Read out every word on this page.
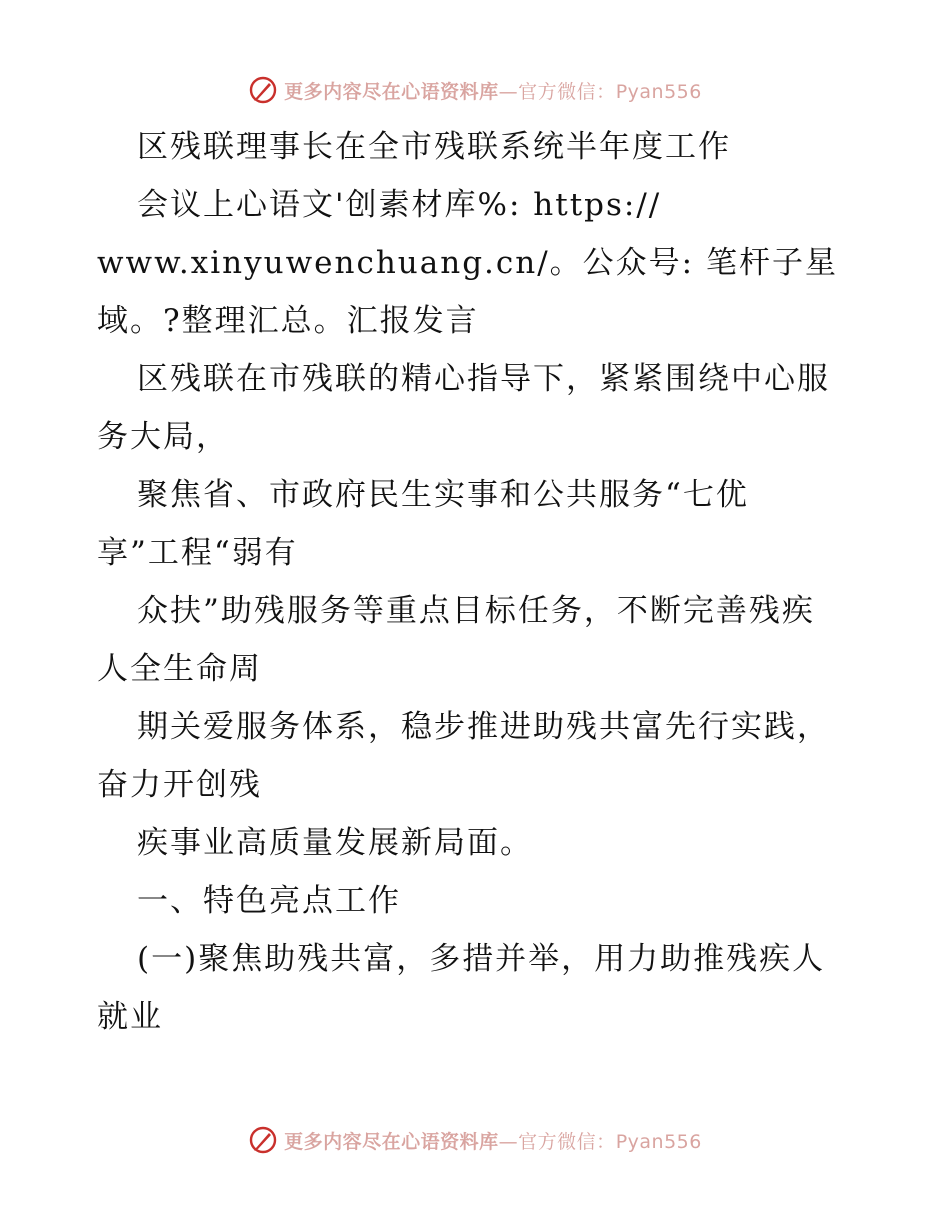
更多内容尽在心语资料库—官方微信：Pyan556
区残联理事长在全市残联系统半年度工作
会议上心语文'创素材库%: https://
www.xinyuwenchuang.cn/。公众号: 笔杆子星
域。?整理汇总。汇报发言
区残联在市残联的精心指导下，紧紧围绕中心服
务大局，
聚焦省、市政府民生实事和公共服务“七优
享”工程“弱有
众扶”助残服务等重点目标任务，不断完善残疾
人全生命周
期关爱服务体系，稳步推进助残共富先行实践，
奋力开创残
疾事业高质量发展新局面。
一、特色亮点工作
(一)聚焦助残共富，多措并举，用力助推残疾人
就业
更多内容尽在心语资料库—官方微信：Pyan556
